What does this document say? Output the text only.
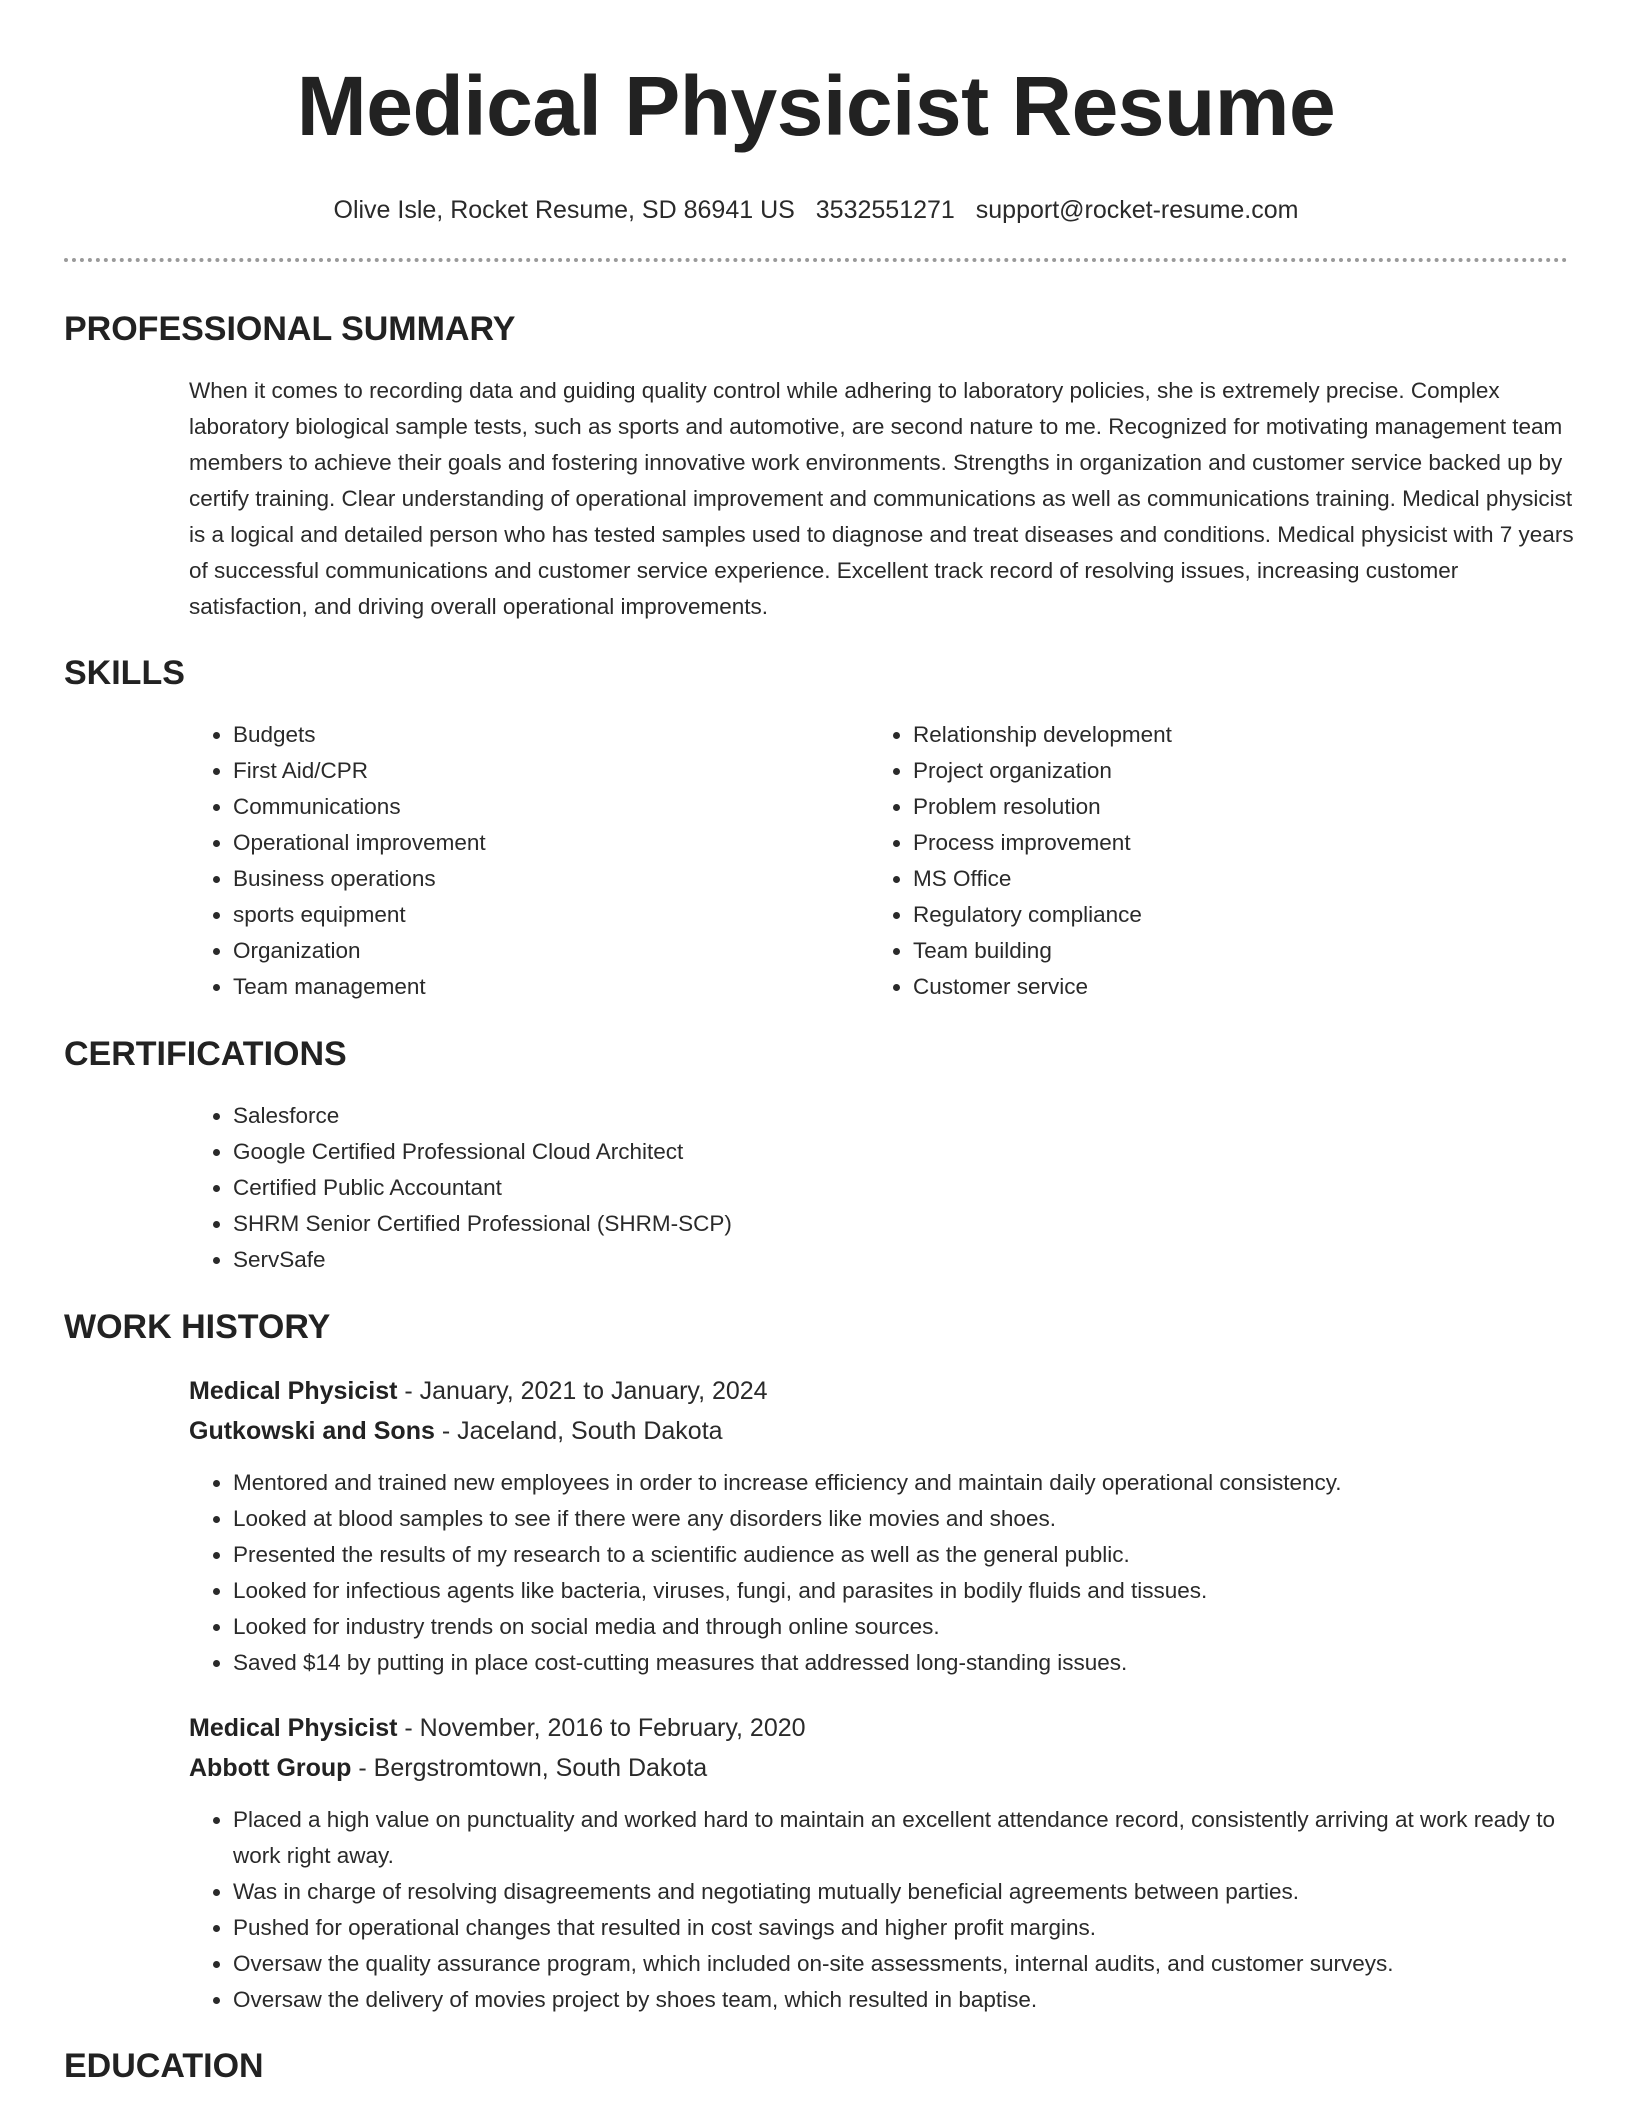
Medical Physicist Resume
Olive Isle, Rocket Resume, SD 86941 US 3532551271 support@rocket-resume.com
PROFESSIONAL SUMMARY

When it comes to recording data and guiding quality control while adhering to laboratory policies, she is extremely precise. Complex laboratory biological sample tests, such as sports and automotive, are second nature to me. Recognized for motivating management team members to achieve their goals and fostering innovative work environments. Strengths in organization and customer service backed up by certify training. Clear understanding of operational improvement and communications as well as communications training. Medical physicist is a logical and detailed person who has tested samples used to diagnose and treat diseases and conditions. Medical physicist with 7 years of successful communications and customer service experience. Excellent track record of resolving issues, increasing customer satisfaction, and driving overall operational improvements.

SKILLS
• Budgets
• First Aid/CPR
• Communications
• Operational improvement
• Business operations
• sports equipment
• Organization
• Team management
• Relationship development
• Project organization
• Problem resolution
• Process improvement
• MS Office
• Regulatory compliance
• Team building
• Customer service
CERTIFICATIONS
• Salesforce
• Google Certified Professional Cloud Architect
• Certified Public Accountant
• SHRM Senior Certified Professional (SHRM-SCP)
• ServSafe
WORK HISTORY
Medical Physicist - January, 2021 to January, 2024
Gutkowski and Sons - Jaceland, South Dakota
• Mentored and trained new employees in order to increase efficiency and maintain daily operational consistency.
• Looked at blood samples to see if there were any disorders like movies and shoes.
• Presented the results of my research to a scientific audience as well as the general public.
• Looked for infectious agents like bacteria, viruses, fungi, and parasites in bodily fluids and tissues.
• Looked for industry trends on social media and through online sources.
• Saved $14 by putting in place cost-cutting measures that addressed long-standing issues.
Medical Physicist - November, 2016 to February, 2020
Abbott Group - Bergstromtown, South Dakota
• Placed a high value on punctuality and worked hard to maintain an excellent attendance record, consistently arriving at work ready to work right away.
• Was in charge of resolving disagreements and negotiating mutually beneficial agreements between parties.
• Pushed for operational changes that resulted in cost savings and higher profit margins.
• Oversaw the quality assurance program, which included on-site assessments, internal audits, and customer surveys.
• Oversaw the delivery of movies project by shoes team, which resulted in baptise.
EDUCATION
